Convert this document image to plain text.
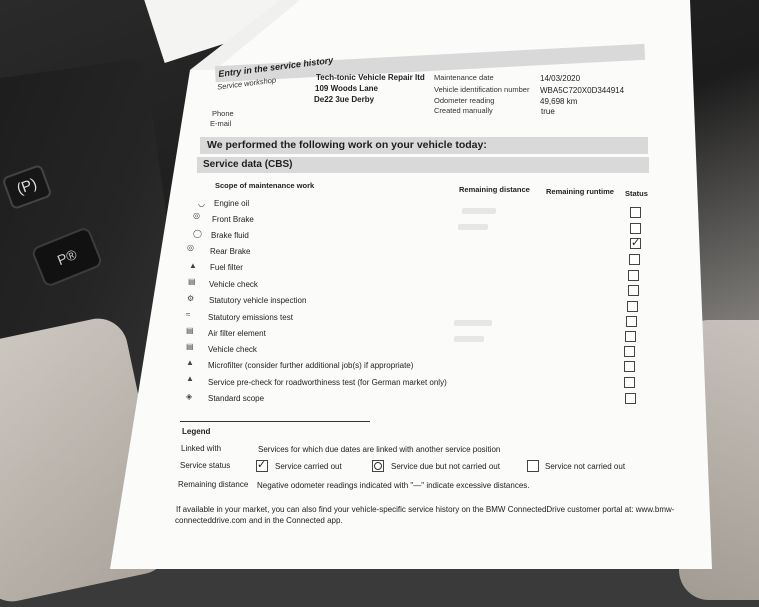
(P)
P®
Entry in the service history
Service workshop	Tech-tonic Vehicle Repair ltd
109 Woods Lane
De22 3ue Derby
Phone
E-mail
Maintenance date
Vehicle identification number
Odometer reading
Created manually
14/03/2020
WBA5C720X0D344914
49,698 km
true
We performed the following work on your vehicle today:
Service data (CBS)
Scope of maintenance work	Remaining distance Remaining runtime Status
◡ Engine oil
◎ Front Brake
◯ Brake fluid
✓
◎ Rear Brake
▲ Fuel filter
▤ Vehicle check
⚙ Statutory vehicle inspection
≈ Statutory emissions test
▤ Air filter element
▤ Vehicle check
▲ Microfilter (consider further additional job(s) if appropriate)
▲ Service pre-check for roadworthiness test (for German market only)
◈ Standard scope
Legend
Linked with	Services for which due dates are linked with another service position
Service status
✓	Service carried out	Service due but not carried out	Service not carried out
Remaining distance Negative odometer readings indicated with "—" indicate excessive distances.
If available in your market, you can also find your vehicle-specific service history on the BMW ConnectedDrive customer portal at: www.bmw-
connecteddrive.com and in the Connected app.
